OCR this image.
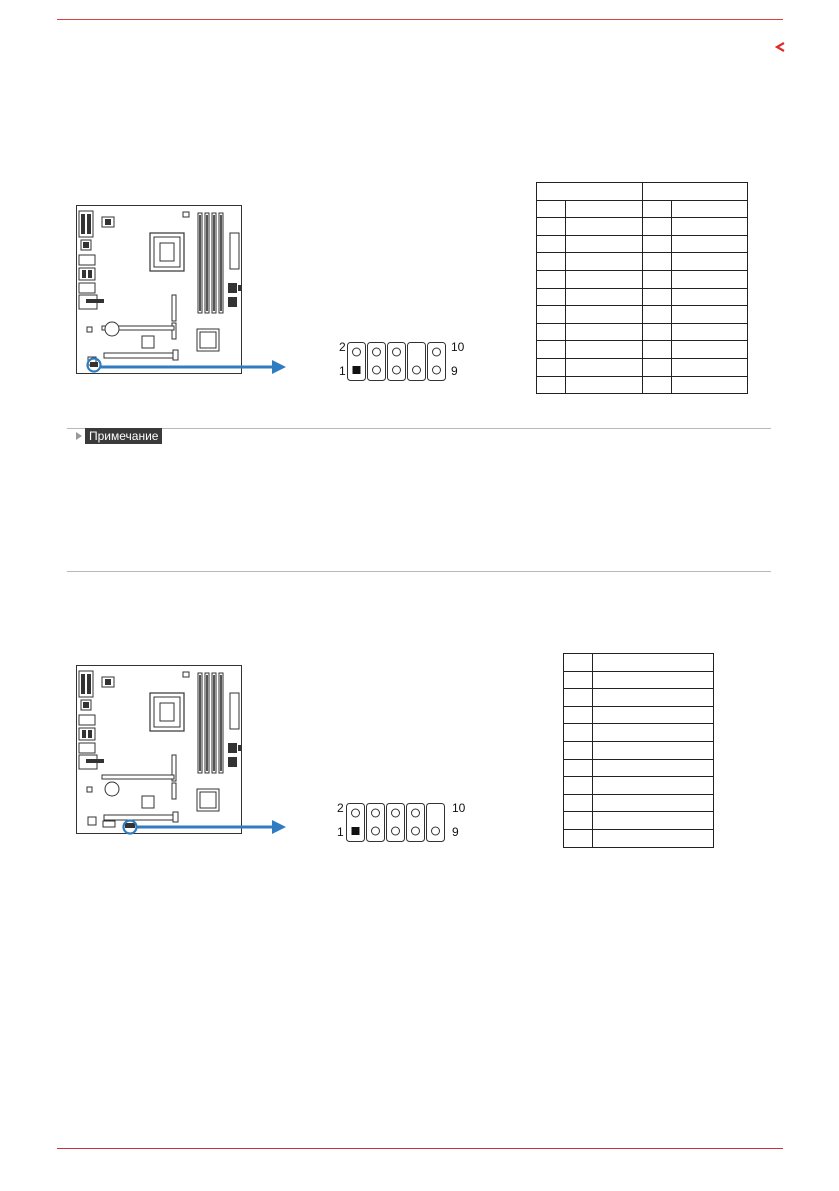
2	10
1	9

Примечание
2	10
1	9
